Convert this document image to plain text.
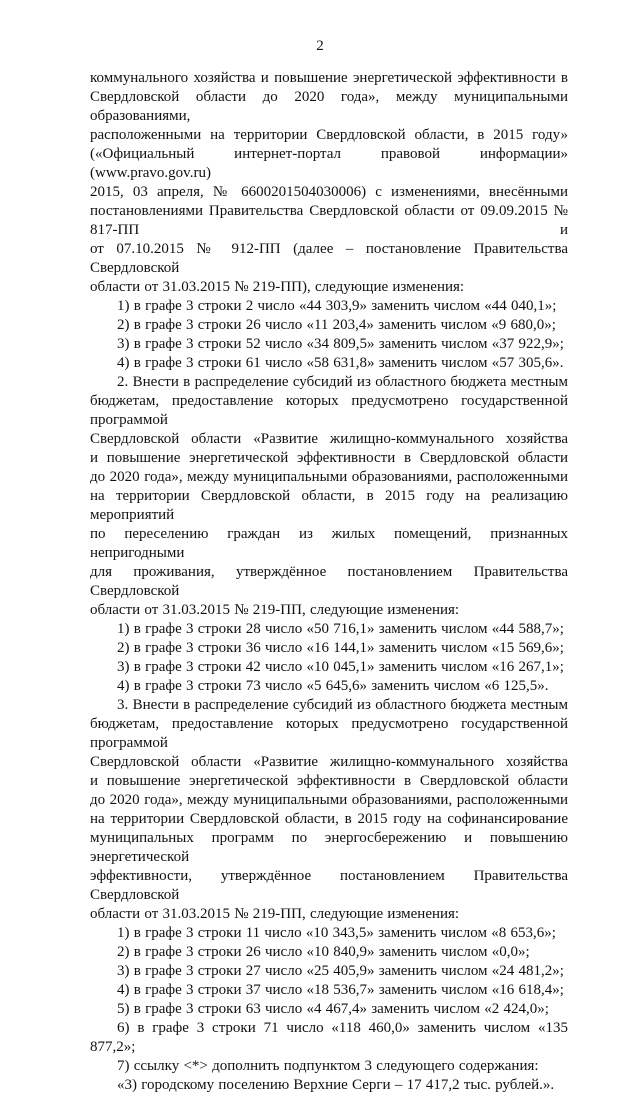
2

коммунального хозяйства и повышение энергетической эффективности в

Свердловской области до 2020 года», между муниципальными образованиями,

расположенными на территории Свердловской области, в 2015 году»

(«Официальный интернет-портал правовой информации» (www.pravo.gov.ru)

2015, 03 апреля, № 6600201504030006) с изменениями, внесёнными

постановлениями Правительства Свердловской области от 09.09.2015 № 817-ПП и

от 07.10.2015 № 912-ПП (далее – постановление Правительства Свердловской

области от 31.03.2015 № 219-ПП), следующие изменения:

1) в графе 3 строки 2 число «44 303,9» заменить числом «44 040,1»;

2) в графе 3 строки 26 число «11 203,4» заменить числом «9 680,0»;

3) в графе 3 строки 52 число «34 809,5» заменить числом «37 922,9»;

4) в графе 3 строки 61 число «58 631,8» заменить числом «57 305,6».

2. Внести в распределение субсидий из областного бюджета местным

бюджетам, предоставление которых предусмотрено государственной программой

Свердловской области «Развитие жилищно-коммунального хозяйства

и повышение энергетической эффективности в Свердловской области

до 2020 года», между муниципальными образованиями, расположенными

на территории Свердловской области, в 2015 году на реализацию мероприятий

по переселению граждан из жилых помещений, признанных непригодными

для проживания, утверждённое постановлением Правительства Свердловской

области от 31.03.2015 № 219-ПП, следующие изменения:

1) в графе 3 строки 28 число «50 716,1» заменить числом «44 588,7»;

2) в графе 3 строки 36 число «16 144,1» заменить числом «15 569,6»;

3) в графе 3 строки 42 число «10 045,1» заменить числом «16 267,1»;

4) в графе 3 строки 73 число «5 645,6» заменить числом «6 125,5».

3. Внести в распределение субсидий из областного бюджета местным

бюджетам, предоставление которых предусмотрено государственной программой

Свердловской области «Развитие жилищно-коммунального хозяйства

и повышение энергетической эффективности в Свердловской области

до 2020 года», между муниципальными образованиями, расположенными

на территории Свердловской области, в 2015 году на софинансирование

муниципальных программ по энергосбережению и повышению энергетической

эффективности, утверждённое постановлением Правительства Свердловской

области от 31.03.2015 № 219-ПП, следующие изменения:

1) в графе 3 строки 11 число «10 343,5» заменить числом «8 653,6»;

2) в графе 3 строки 26 число «10 840,9» заменить числом «0,0»;

3) в графе 3 строки 27 число «25 405,9» заменить числом «24 481,2»;

4) в графе 3 строки 37 число «18 536,7» заменить числом «16 618,4»;

5) в графе 3 строки 63 число «4 467,4» заменить числом «2 424,0»;

6) в графе 3 строки 71 число «118 460,0» заменить числом «135 877,2»;

7) ссылку <*> дополнить подпунктом 3 следующего содержания:

«3) городскому поселению Верхние Серги – 17 417,2 тыс. рублей.».
